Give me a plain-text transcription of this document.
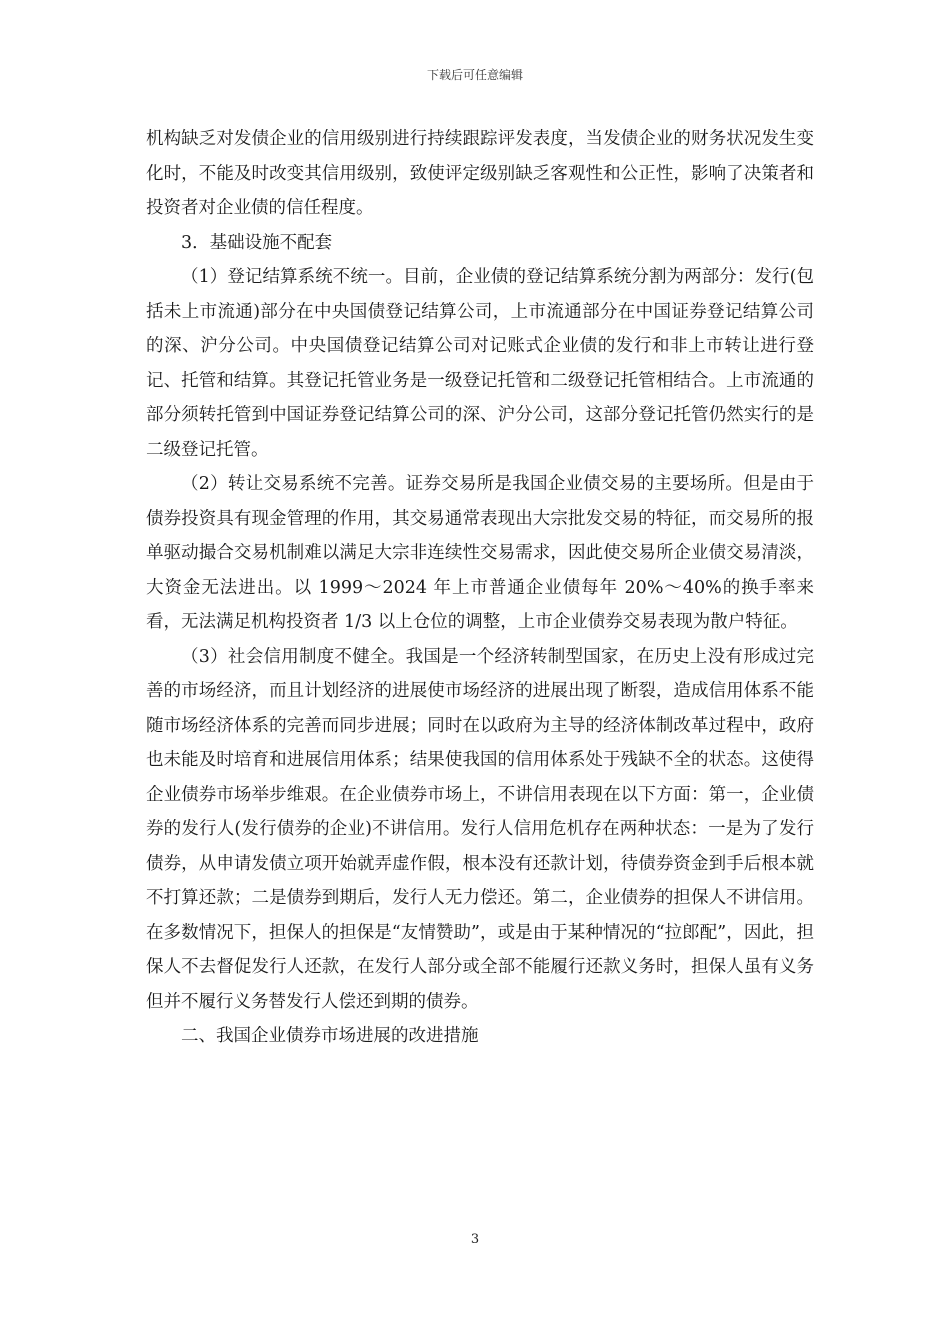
下载后可任意编辑

机构缺乏对发债企业的信用级别进行持续跟踪评发表度，当发债企业的财务状况发生变化时，不能及时改变其信用级别，致使评定级别缺乏客观性和公正性，影响了决策者和投资者对企业债的信任程度。

3．基础设施不配套

（1）登记结算系统不统一。目前，企业债的登记结算系统分割为两部分：发行(包括未上市流通)部分在中央国债登记结算公司，上市流通部分在中国证券登记结算公司的深、沪分公司。中央国债登记结算公司对记账式企业债的发行和非上市转让进行登记、托管和结算。其登记托管业务是一级登记托管和二级登记托管相结合。上市流通的部分须转托管到中国证券登记结算公司的深、沪分公司，这部分登记托管仍然实行的是二级登记托管。

（2）转让交易系统不完善。证券交易所是我国企业债交易的主要场所。但是由于债券投资具有现金管理的作用，其交易通常表现出大宗批发交易的特征，而交易所的报单驱动撮合交易机制难以满足大宗非连续性交易需求，因此使交易所企业债交易清淡，大资金无法进出。以 1999～2024 年上市普通企业债每年 20%～40%的换手率来看，无法满足机构投资者 1/3 以上仓位的调整，上市企业债券交易表现为散户特征。

（3）社会信用制度不健全。我国是一个经济转制型国家，在历史上没有形成过完善的市场经济，而且计划经济的进展使市场经济的进展出现了断裂，造成信用体系不能随市场经济体系的完善而同步进展；同时在以政府为主导的经济体制改革过程中，政府也未能及时培育和进展信用体系；结果使我国的信用体系处于残缺不全的状态。这使得企业债券市场举步维艰。在企业债券市场上，不讲信用表现在以下方面：第一，企业债券的发行人(发行债券的企业)不讲信用。发行人信用危机存在两种状态：一是为了发行债券，从申请发债立项开始就弄虚作假，根本没有还款计划，待债券资金到手后根本就不打算还款；二是债券到期后，发行人无力偿还。第二，企业债券的担保人不讲信用。在多数情况下，担保人的担保是“友情赞助”，或是由于某种情况的“拉郎配”，因此，担保人不去督促发行人还款，在发行人部分或全部不能履行还款义务时，担保人虽有义务但并不履行义务替发行人偿还到期的债券。

二、我国企业债券市场进展的改进措施

3
